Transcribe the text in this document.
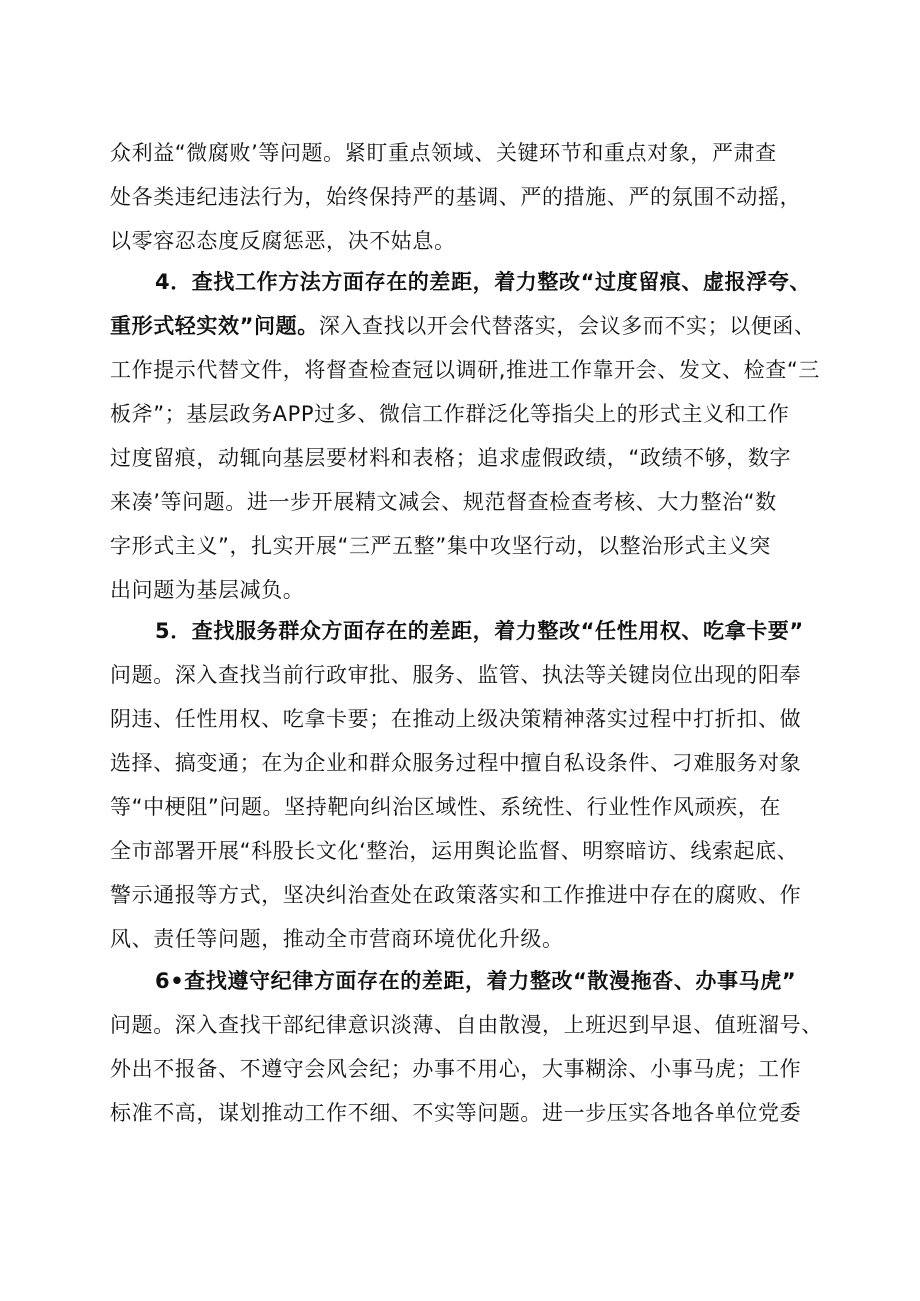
众利益“微腐败’等问题。紧盯重点领域、关键环节和重点对象，严肃查
处各类违纪违法行为，始终保持严的基调、严的措施、严的氛围不动摇，
以零容忍态度反腐惩恶，决不姑息。
4．查找工作方法方面存在的差距，着力整改“过度留痕、虚报浮夸、
重形式轻实效”问题。深入查找以开会代替落实，会议多而不实；以便函、
工作提示代替文件，将督查检查冠以调研,推进工作靠开会、发文、检查“三
板斧”；基层政务APP过多、微信工作群泛化等指尖上的形式主义和工作
过度留痕，动辄向基层要材料和表格；追求虚假政绩，“政绩不够，数字
来凑’等问题。进一步开展精文减会、规范督查检查考核、大力整治“数
字形式主义”，扎实开展“三严五整”集中攻坚行动，以整治形式主义突
出问题为基层减负。
5．查找服务群众方面存在的差距，着力整改“任性用权、吃拿卡要”
问题。深入查找当前行政审批、服务、监管、执法等关键岗位出现的阳奉
阴违、任性用权、吃拿卡要；在推动上级决策精神落实过程中打折扣、做
选择、搞变通；在为企业和群众服务过程中擅自私设条件、刁难服务对象
等“中梗阻”问题。坚持靶向纠治区域性、系统性、行业性作风顽疾，在
全市部署开展“科股长文化‘整治，运用舆论监督、明察暗访、线索起底、
警示通报等方式，坚决纠治查处在政策落实和工作推进中存在的腐败、作
风、责任等问题，推动全市营商环境优化升级。
6•查找遵守纪律方面存在的差距，着力整改“散漫拖沓、办事马虎”
问题。深入查找干部纪律意识淡薄、自由散漫，上班迟到早退、值班溜号、
外出不报备、不遵守会风会纪；办事不用心，大事糊涂、小事马虎；工作
标准不高，谋划推动工作不细、不实等问题。进一步压实各地各单位党委
